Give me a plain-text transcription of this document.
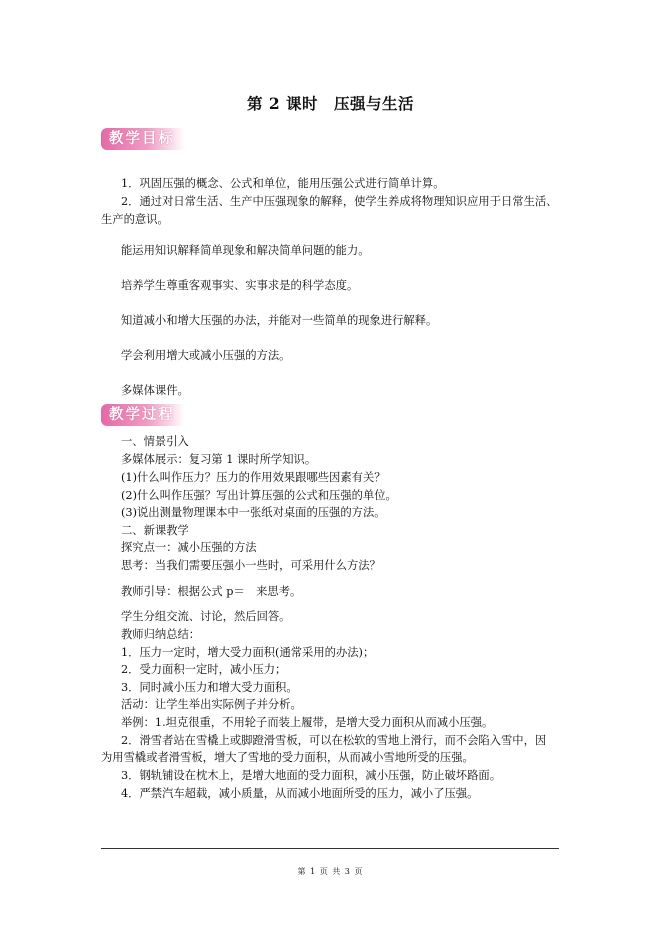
第 2 课时　压强与生活
教学目标
1．巩固压强的概念、公式和单位，能用压强公式进行简单计算。
2．通过对日常生活、生产中压强现象的解释，使学生养成将物理知识应用于日常生活、
生产的意识。
能运用知识解释简单现象和解决简单问题的能力。
培养学生尊重客观事实、实事求是的科学态度。
知道减小和增大压强的办法，并能对一些简单的现象进行解释。
学会利用增大或减小压强的方法。
多媒体课件。
教学过程
一、情景引入
多媒体展示：复习第 1 课时所学知识。
(1)什么叫作压力？压力的作用效果跟哪些因素有关？
(2)什么叫作压强？写出计算压强的公式和压强的单位。
(3)说出测量物理课本中一张纸对桌面的压强的方法。
二、新课教学
探究点一：减小压强的方法
思考：当我们需要压强小一些时，可采用什么方法？
教师引导：根据公式 p＝　来思考。
学生分组交流、讨论，然后回答。
教师归纳总结：
1．压力一定时，增大受力面积(通常采用的办法)；
2．受力面积一定时，减小压力；
3．同时减小压力和增大受力面积。
活动：让学生举出实际例子并分析。
举例：1.坦克很重，不用轮子而装上履带，是增大受力面积从而减小压强。
2．滑雪者站在雪橇上或脚蹬滑雪板，可以在松软的雪地上滑行，而不会陷入雪中，因
为用雪橇或者滑雪板，增大了雪地的受力面积，从而减小雪地所受的压强。
3．钢轨铺设在枕木上，是增大地面的受力面积，减小压强，防止破坏路面。
4．严禁汽车超载，减小质量，从而减小地面所受的压力，减小了压强。
第 1 页 共 3 页
